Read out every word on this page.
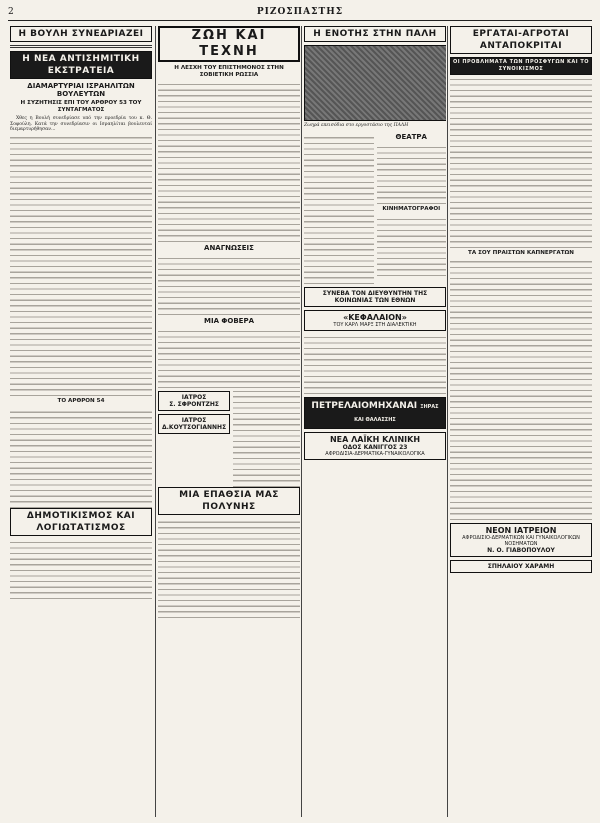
2	ΡΙΖΟΣΠΑΣΤΗΣ
Η ΒΟΥΛΗ ΣΥΝΕΔΡΙΑΖΕΙ
Η ΝΕΑ ΑΝΤΙΣΗΜΙΤΙΚΗ ΕΚΣΤΡΑΤΕΙΑ
ΔΙΑΜΑΡΤΥΡΙΑΙ ΙΣΡΑΗΛΙΤΩΝ ΒΟΥΛΕΥΤΩΝ
Η ΣΥΖΗΤΗΣΙΣ ΕΠΙ ΤΟΥ ΑΡΘΡΟΥ 53 ΤΟΥ ΣΥΝΤΑΓΜΑΤΟΣ

Χθες η Βουλή συνεδρίασε υπό την προεδρία του κ. Θ. Σοφούλη. Κατά την συνεδρίασιν οι Ισραηλίται βουλευταί διεμαρτυρήθησαν...

ΤΟ ΑΡΘΡΟΝ 54
ΔΗΜΟΤΙΚΙΣΜΟΣ ΚΑΙ ΛΟΓΙΩΤΑΤΙΣΜΟΣ
ΖΩΗ ΚΑΙ ΤΕΧΝΗ
Η ΛΕΣΧΗ ΤΟΥ ΕΠΙΣΤΗΜΟΝΟΣ ΣΤΗΝ ΣΟΒΙΕΤΙΚΗ ΡΩΣΣΙΑ
ΑΝΑΓΝΩΣΕΙΣ
ΜΙΑ ΦΟΒΕΡΑ
ΙΑΤΡΟΣ
Σ. ΣΦΡΟΝΤΖΗΣ
ΙΑΤΡΟΣ
Δ.ΚΟΥΤΣΟΓΙΑΝΝΗΣ
ΜΙΑ ΕΠΑΘΣΙΑ ΜΑΣ ΠΟΛΥΝΗΣ
Η ΕΝΟΤΗΣ ΣΤΗΝ ΠΑΛΗ
Ζωηρά επεισόδια στο εργοστάσιο της ΠΑΛΗ
ΘΕΑΤΡΑ
ΚΙΝΗΜΑΤΟΓΡΑΦΟΙ
ΣΥΝΕΒΑ ΤΟΝ ΔΙΕΥΘΥΝΤΗΝ ΤΗΣ ΚΟΙΝΩΝΙΑΣ ΤΩΝ ΕΘΝΩΝ
«ΚΕΦΑΛΑΙΟΝ»
ΤΟΥ ΚΑΡΛ ΜΑΡΞ ΣΤΗ ΔΙΑΛΕΚΤΙΚΗ
ΠΕΤΡΕΛΑΙΟΜΗΧΑΝΑΙ ΞΗΡΑΣ ΚΑΙ ΘΑΛΑΣΣΗΣ
ΝΕΑ ΛΑΪΚΗ ΚΛΙΝΙΚΗ
ΟΔΟΣ ΚΑΝΙΓΓΟΣ 23
ΑΦΡΟΔΙΣΙΑ-ΔΕΡΜΑΤΙΚΑ-ΓΥΝΑΙΚΟΛΟΓΙΚΑ
ΕΡΓΑΤΑΙ-ΑΓΡΟΤΑΙ ΑΝΤΑΠΟΚΡΙΤΑΙ
ΟΙ ΠΡΟΒΛΗΜΑΤΑ ΤΩΝ ΠΡΟΣΦΥΓΩΝ ΚΑΙ ΤΟ ΣΥΝΟΙΚΙΣΜΟΣ
ΤΑ ΣΟΥ ΠΡΑΙΣΤΩΝ ΚΑΠΝΕΡΓΑΤΩΝ
ΝΕΟΝ ΙΑΤΡΕΙΟΝ
ΑΦΡΟΔΙΣΙΟ-ΔΕΡΜΑΤΙΚΩΝ ΚΑΙ ΓΥΝΑΙΚΟΛΟΓΙΚΩΝ ΝΟΣΗΜΑΤΩΝ
Ν. Ο. ΓΙΑΒΟΠΟΥΛΟΥ
ΣΠΗΛΑΙΟΥ ΧΑΡΑΜΗ
